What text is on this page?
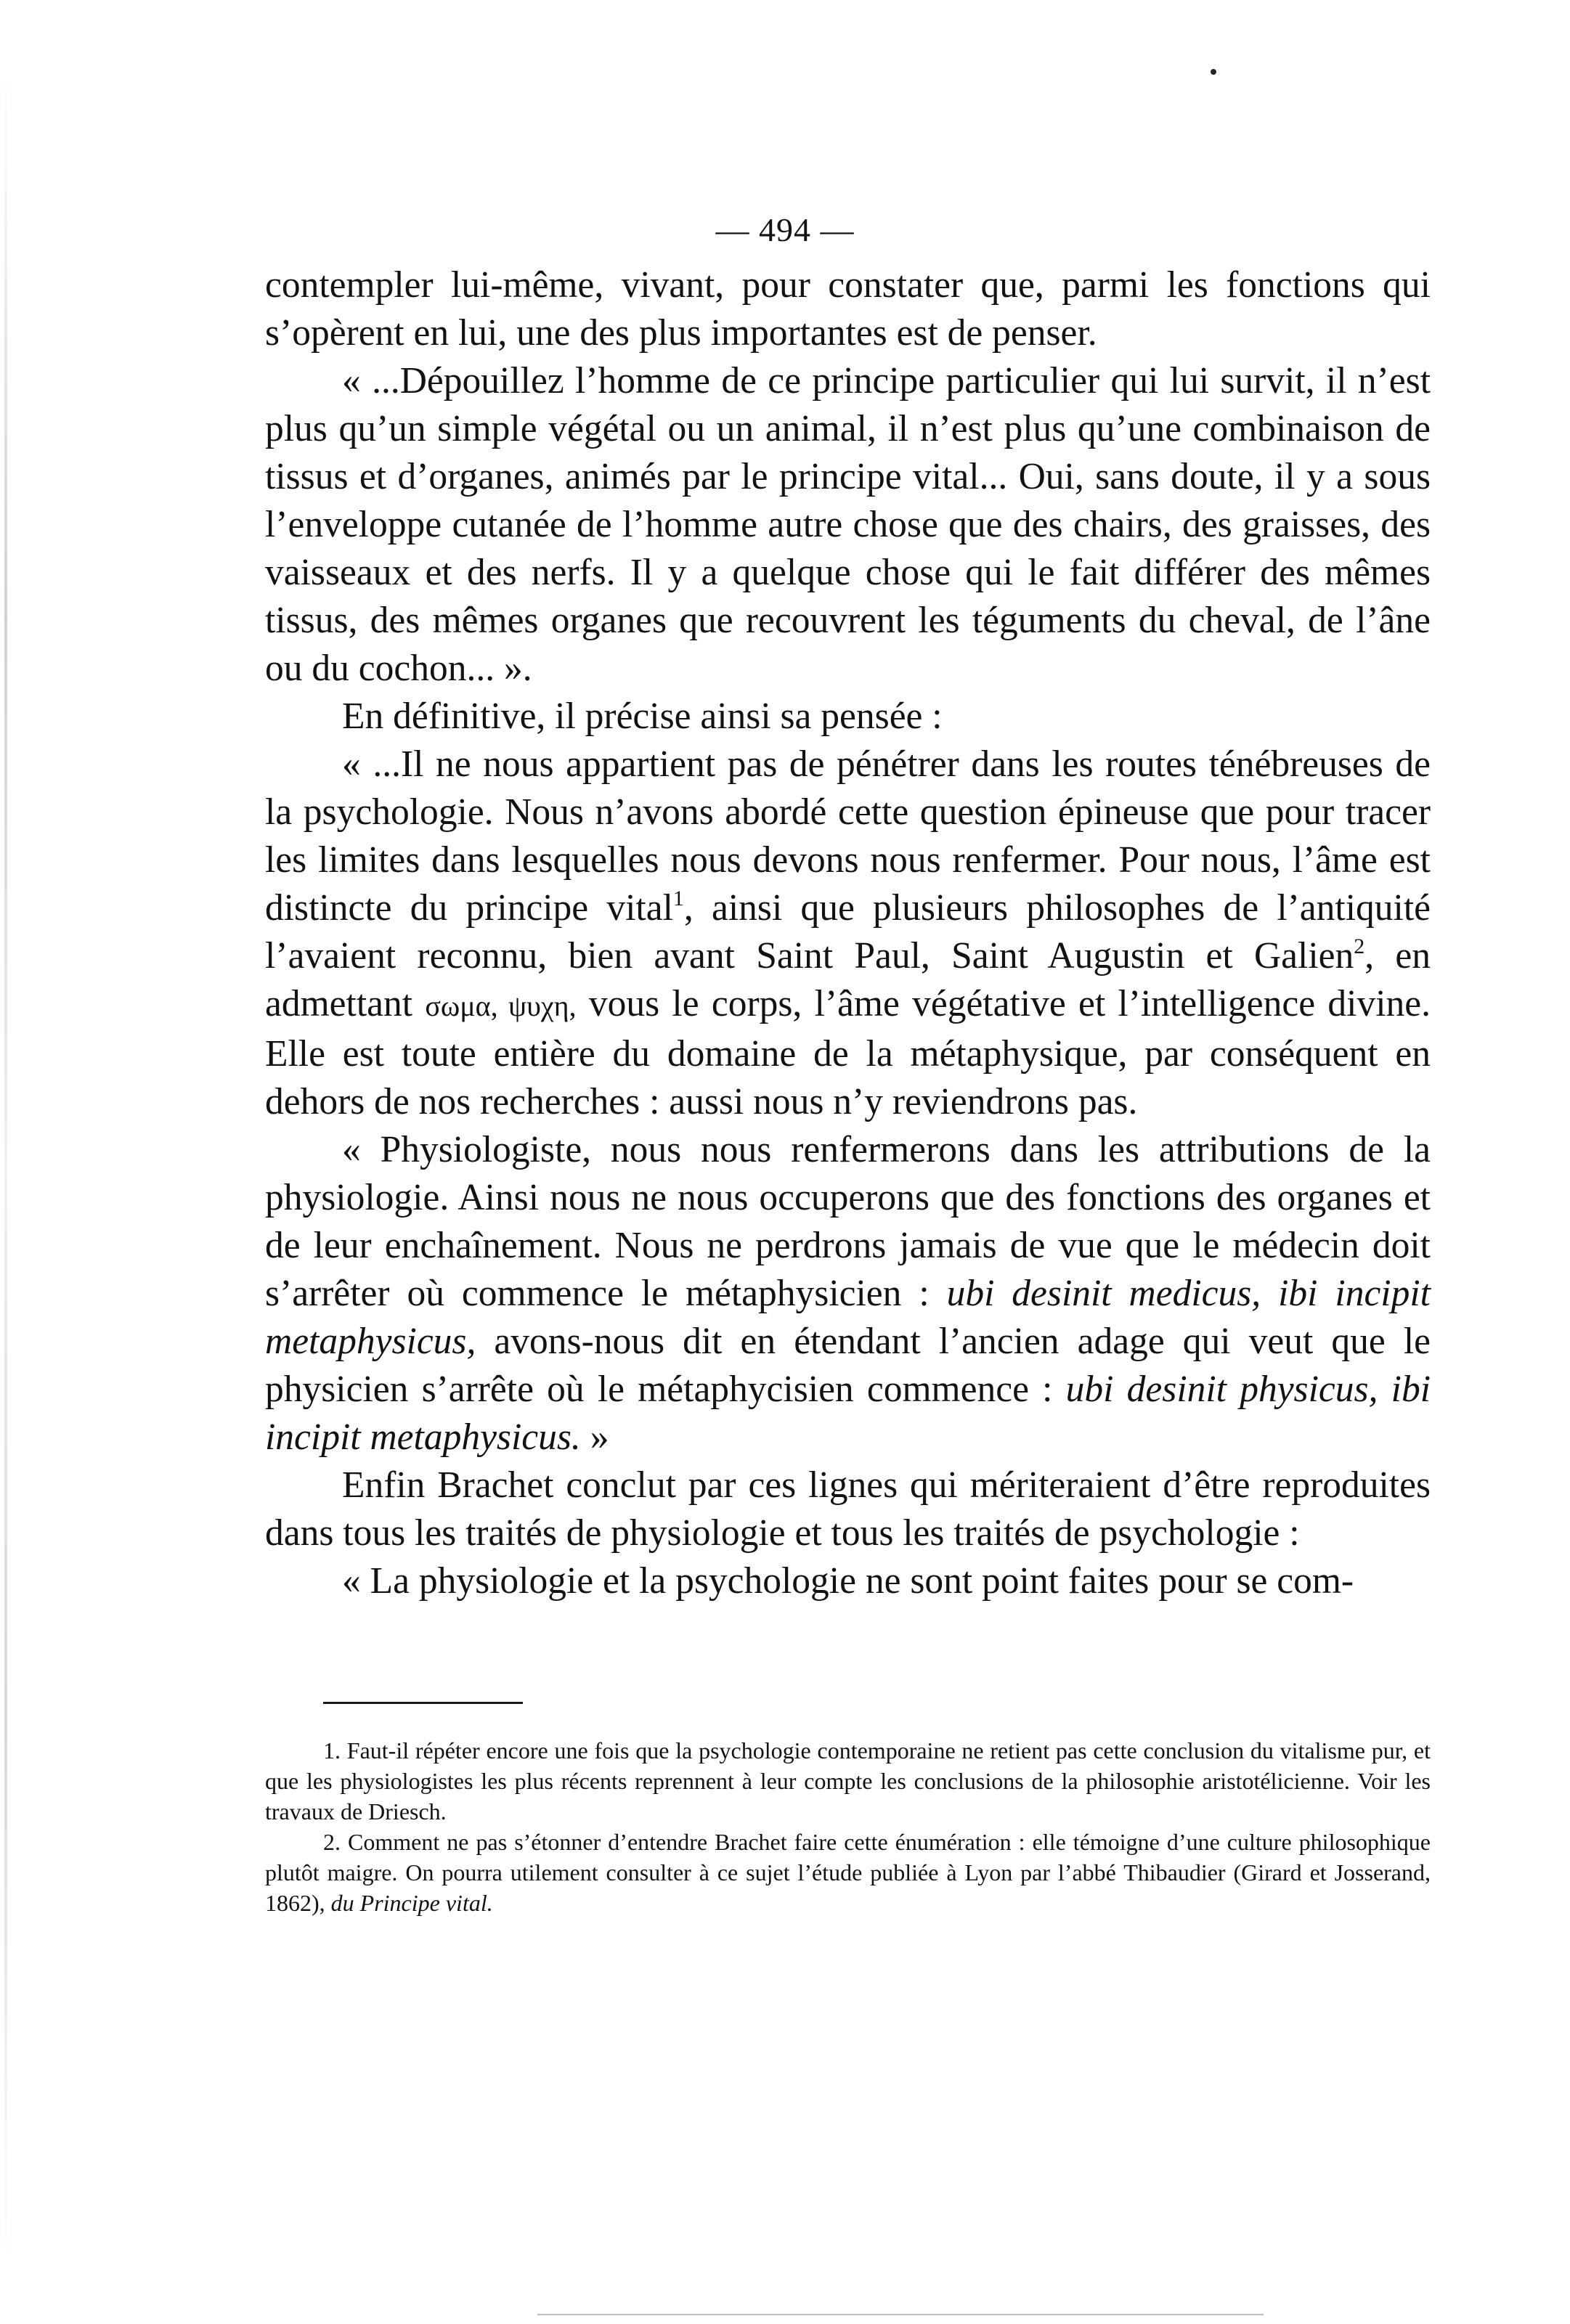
— 494 —

contempler lui-même, vivant, pour constater que, parmi les fonctions qui s’opèrent en lui, une des plus importantes est de penser.

« ...Dépouillez l’homme de ce principe particulier qui lui survit, il n’est plus qu’un simple végétal ou un animal, il n’est plus qu’une combinaison de tissus et d’organes, animés par le principe vital... Oui, sans doute, il y a sous l’enveloppe cutanée de l’homme autre chose que des chairs, des graisses, des vaisseaux et des nerfs. Il y a quelque chose qui le fait différer des mêmes tissus, des mêmes organes que recouvrent les téguments du cheval, de l’âne ou du cochon... ».

En définitive, il précise ainsi sa pensée :

« ...Il ne nous appartient pas de pénétrer dans les routes ténébreuses de la psychologie. Nous n’avons abordé cette question épineuse que pour tracer les limites dans lesquelles nous devons nous renfermer. Pour nous, l’âme est distincte du principe vital$^1$, ainsi que plusieurs philosophes de l’antiquité l’avaient reconnu, bien avant Saint Paul, Saint Augustin et Galien$^2$, en admettant σωμα, ψυχη, vous le corps, l’âme végétative et l’intelligence divine. Elle est toute entière du domaine de la métaphysique, par conséquent en dehors de nos recherches : aussi nous n’y reviendrons pas.

« Physiologiste, nous nous renfermerons dans les attributions de la physiologie. Ainsi nous ne nous occuperons que des fonctions des organes et de leur enchaînement. Nous ne perdrons jamais de vue que le médecin doit s’arrêter où commence le métaphysicien : ubi desinit medicus, ibi incipit metaphysicus, avons-nous dit en étendant l’ancien adage qui veut que le physicien s’arrête où le métaphycisien commence : ubi desinit physicus, ibi incipit metaphysicus. »

Enfin Brachet conclut par ces lignes qui mériteraient d’être reproduites dans tous les traités de physiologie et tous les traités de psychologie :

« La physiologie et la psychologie ne sont point faites pour se com-

1. Faut-il répéter encore une fois que la psychologie contemporaine ne retient pas cette conclusion du vitalisme pur, et que les physiologistes les plus récents reprennent à leur compte les conclusions de la philosophie aristotélicienne. Voir les travaux de Driesch.

2. Comment ne pas s’étonner d’entendre Brachet faire cette énumération : elle témoigne d’une culture philosophique plutôt maigre. On pourra utilement consulter à ce sujet l’étude publiée à Lyon par l’abbé Thibaudier (Girard et Josserand, 1862), du Principe vital.
